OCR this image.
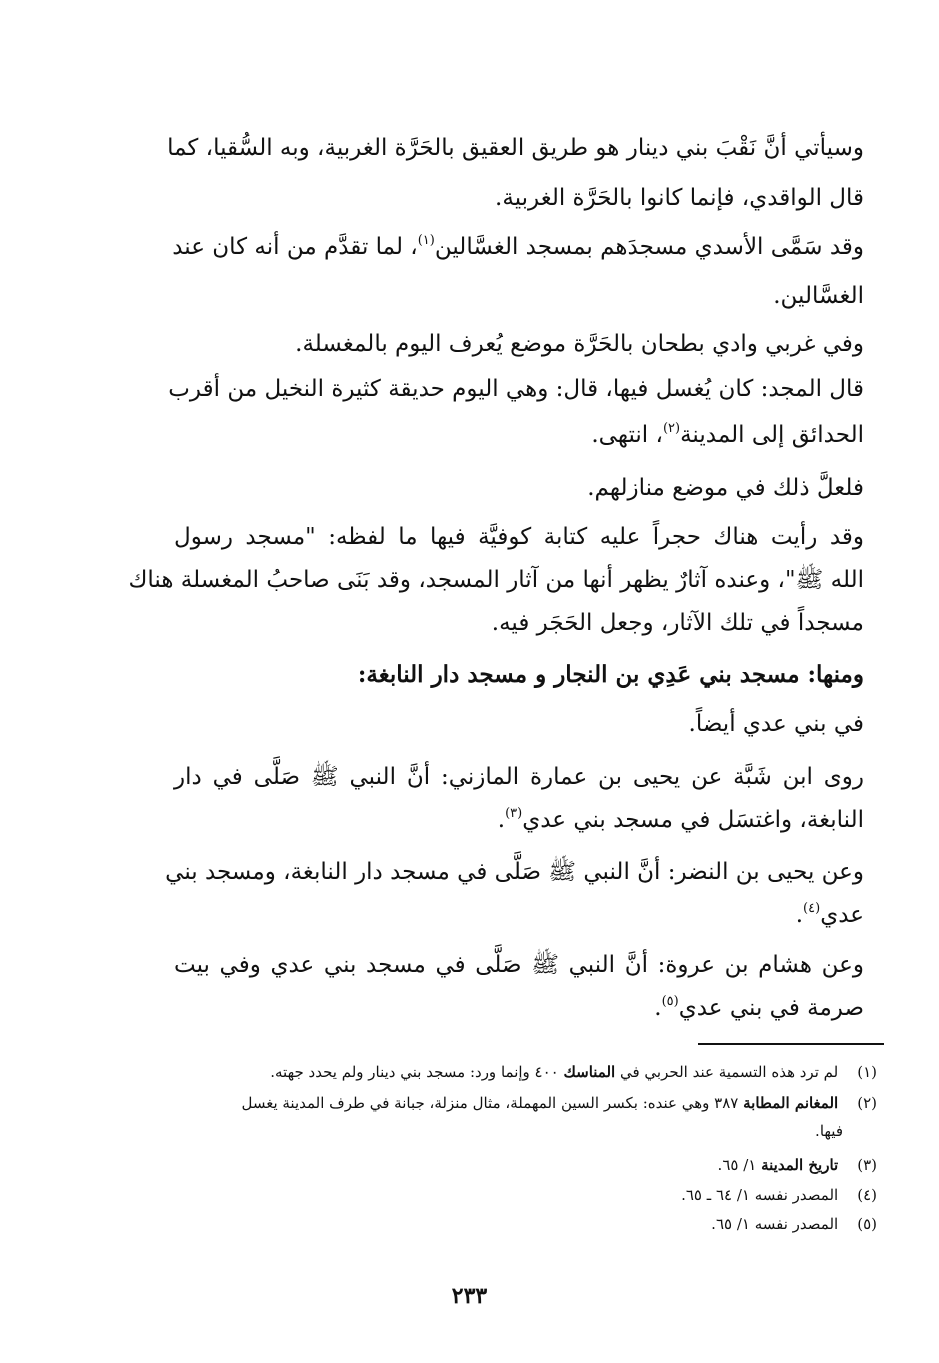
وسيأتي أنَّ نَقْبَ بني دينار هو طريق العقيق بالحَرَّة الغربية، وبه السُّقيا، كما
قال الواقدي، فإنما كانوا بالحَرَّة الغربية.
وقد سَمَّى الأسدي مسجدَهم بمسجد الغسَّالين$^{(١)}$، لما تقدَّم من أنه كان عند
الغسَّالين.
وفي غربي وادي بطحان بالحَرَّة موضع يُعرف اليوم بالمغسلة.
قال المجد: كان يُغسل فيها، قال: وهي اليوم حديقة كثيرة النخيل من أقرب
الحدائق إلى المدينة$^{(٢)}$، انتهى.
فلعلَّ ذلك في موضع منازلهم.
وقد رأيت هناك حجراً عليه كتابة كوفيَّة فيها ما لفظه: "مسجد رسول
الله ﷺ"، وعنده آثارٌ يظهر أنها من آثار المسجد، وقد بَنَى صاحبُ المغسلة هناك
مسجداً في تلك الآثار، وجعل الحَجَر فيه.
ومنها: مسجد بني عَدِي بن النجار و مسجد دار النابغة:
في بني عدي أيضاً.
روى ابن شَبَّة عن يحيى بن عمارة المازني: أنَّ النبي ﷺ صَلَّى في دار
النابغة، واغتسَل في مسجد بني عدي$^{(٣)}$.
وعن يحيى بن النضر: أنَّ النبي ﷺ صَلَّى في مسجد دار النابغة، ومسجد بني
عدي$^{(٤)}$.
وعن هشام بن عروة: أنَّ النبي ﷺ صَلَّى في مسجد بني عدي وفي بيت
صرمة في بني عدي$^{(٥)}$.
(١) لم ترد هذه التسمية عند الحربي في المناسك ٤٠٠ وإنما ورد: مسجد بني دينار ولم يحدد جهته.
(٢) المغانم المطابة ٣٨٧ وهي عنده: بكسر السين المهملة، مثال منزلة، جبانة في طرف المدينة يغسل
فيها.
(٣) تاريخ المدينة ١/ ٦٥.
(٤) المصدر نفسه ١/ ٦٤ ـ ٦٥.
(٥) المصدر نفسه ١/ ٦٥.
٢٣٣
